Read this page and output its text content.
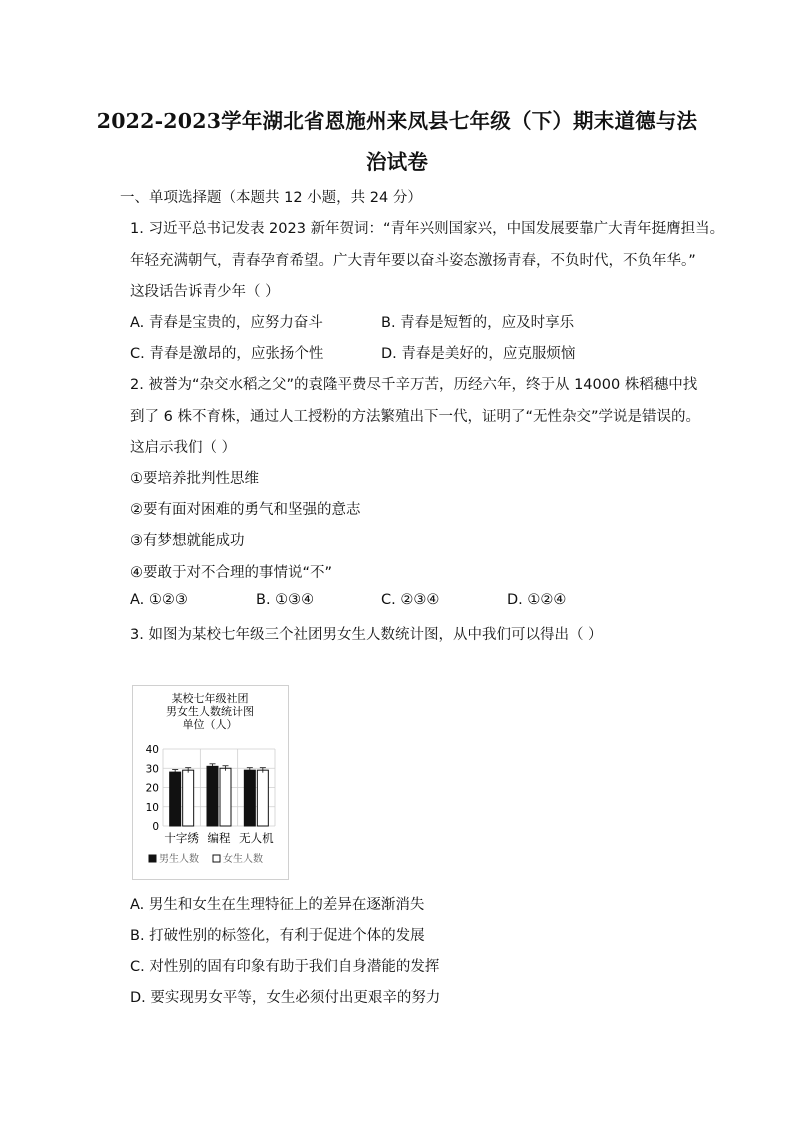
2022-2023学年湖北省恩施州来凤县七年级（下）期末道德与法
治试卷
一、单项选择题（本题共 12 小题，共 24 分）
1. 习近平总书记发表 2023 新年贺词：“青年兴则国家兴，中国发展要靠广大青年挺膺担当。
年轻充满朝气，青春孕育希望。广大青年要以奋斗姿态激扬青春，不负时代，不负年华。”
这段话告诉青少年（ ）
A. 青春是宝贵的，应努力奋斗	B. 青春是短暂的，应及时享乐
C. 青春是激昂的，应张扬个性	D. 青春是美好的，应克服烦恼
2. 被誉为“杂交水稻之父”的袁隆平费尽千辛万苦，历经六年，终于从 14000 株稻穗中找
到了 6 株不育株，通过人工授粉的方法繁殖出下一代，证明了“无性杂交”学说是错误的。
这启示我们（ ）
①要培养批判性思维
②要有面对困难的勇气和坚强的意志
③有梦想就能成功
④要敢于对不合理的事情说“不”
A. ①②③	B. ①③④	C. ②③④	D. ①②④
3. 如图为某校七年级三个社团男女生人数统计图，从中我们可以得出（ ）
某校七年级社团
男女生人数统计图
单位（人）
0
10
20
30
40
十字绣 编程 无人机
男生人数 女生人数
A. 男生和女生在生理特征上的差异在逐渐消失
B. 打破性别的标签化，有利于促进个体的发展
C. 对性别的固有印象有助于我们自身潜能的发挥
D. 要实现男女平等，女生必须付出更艰辛的努力
